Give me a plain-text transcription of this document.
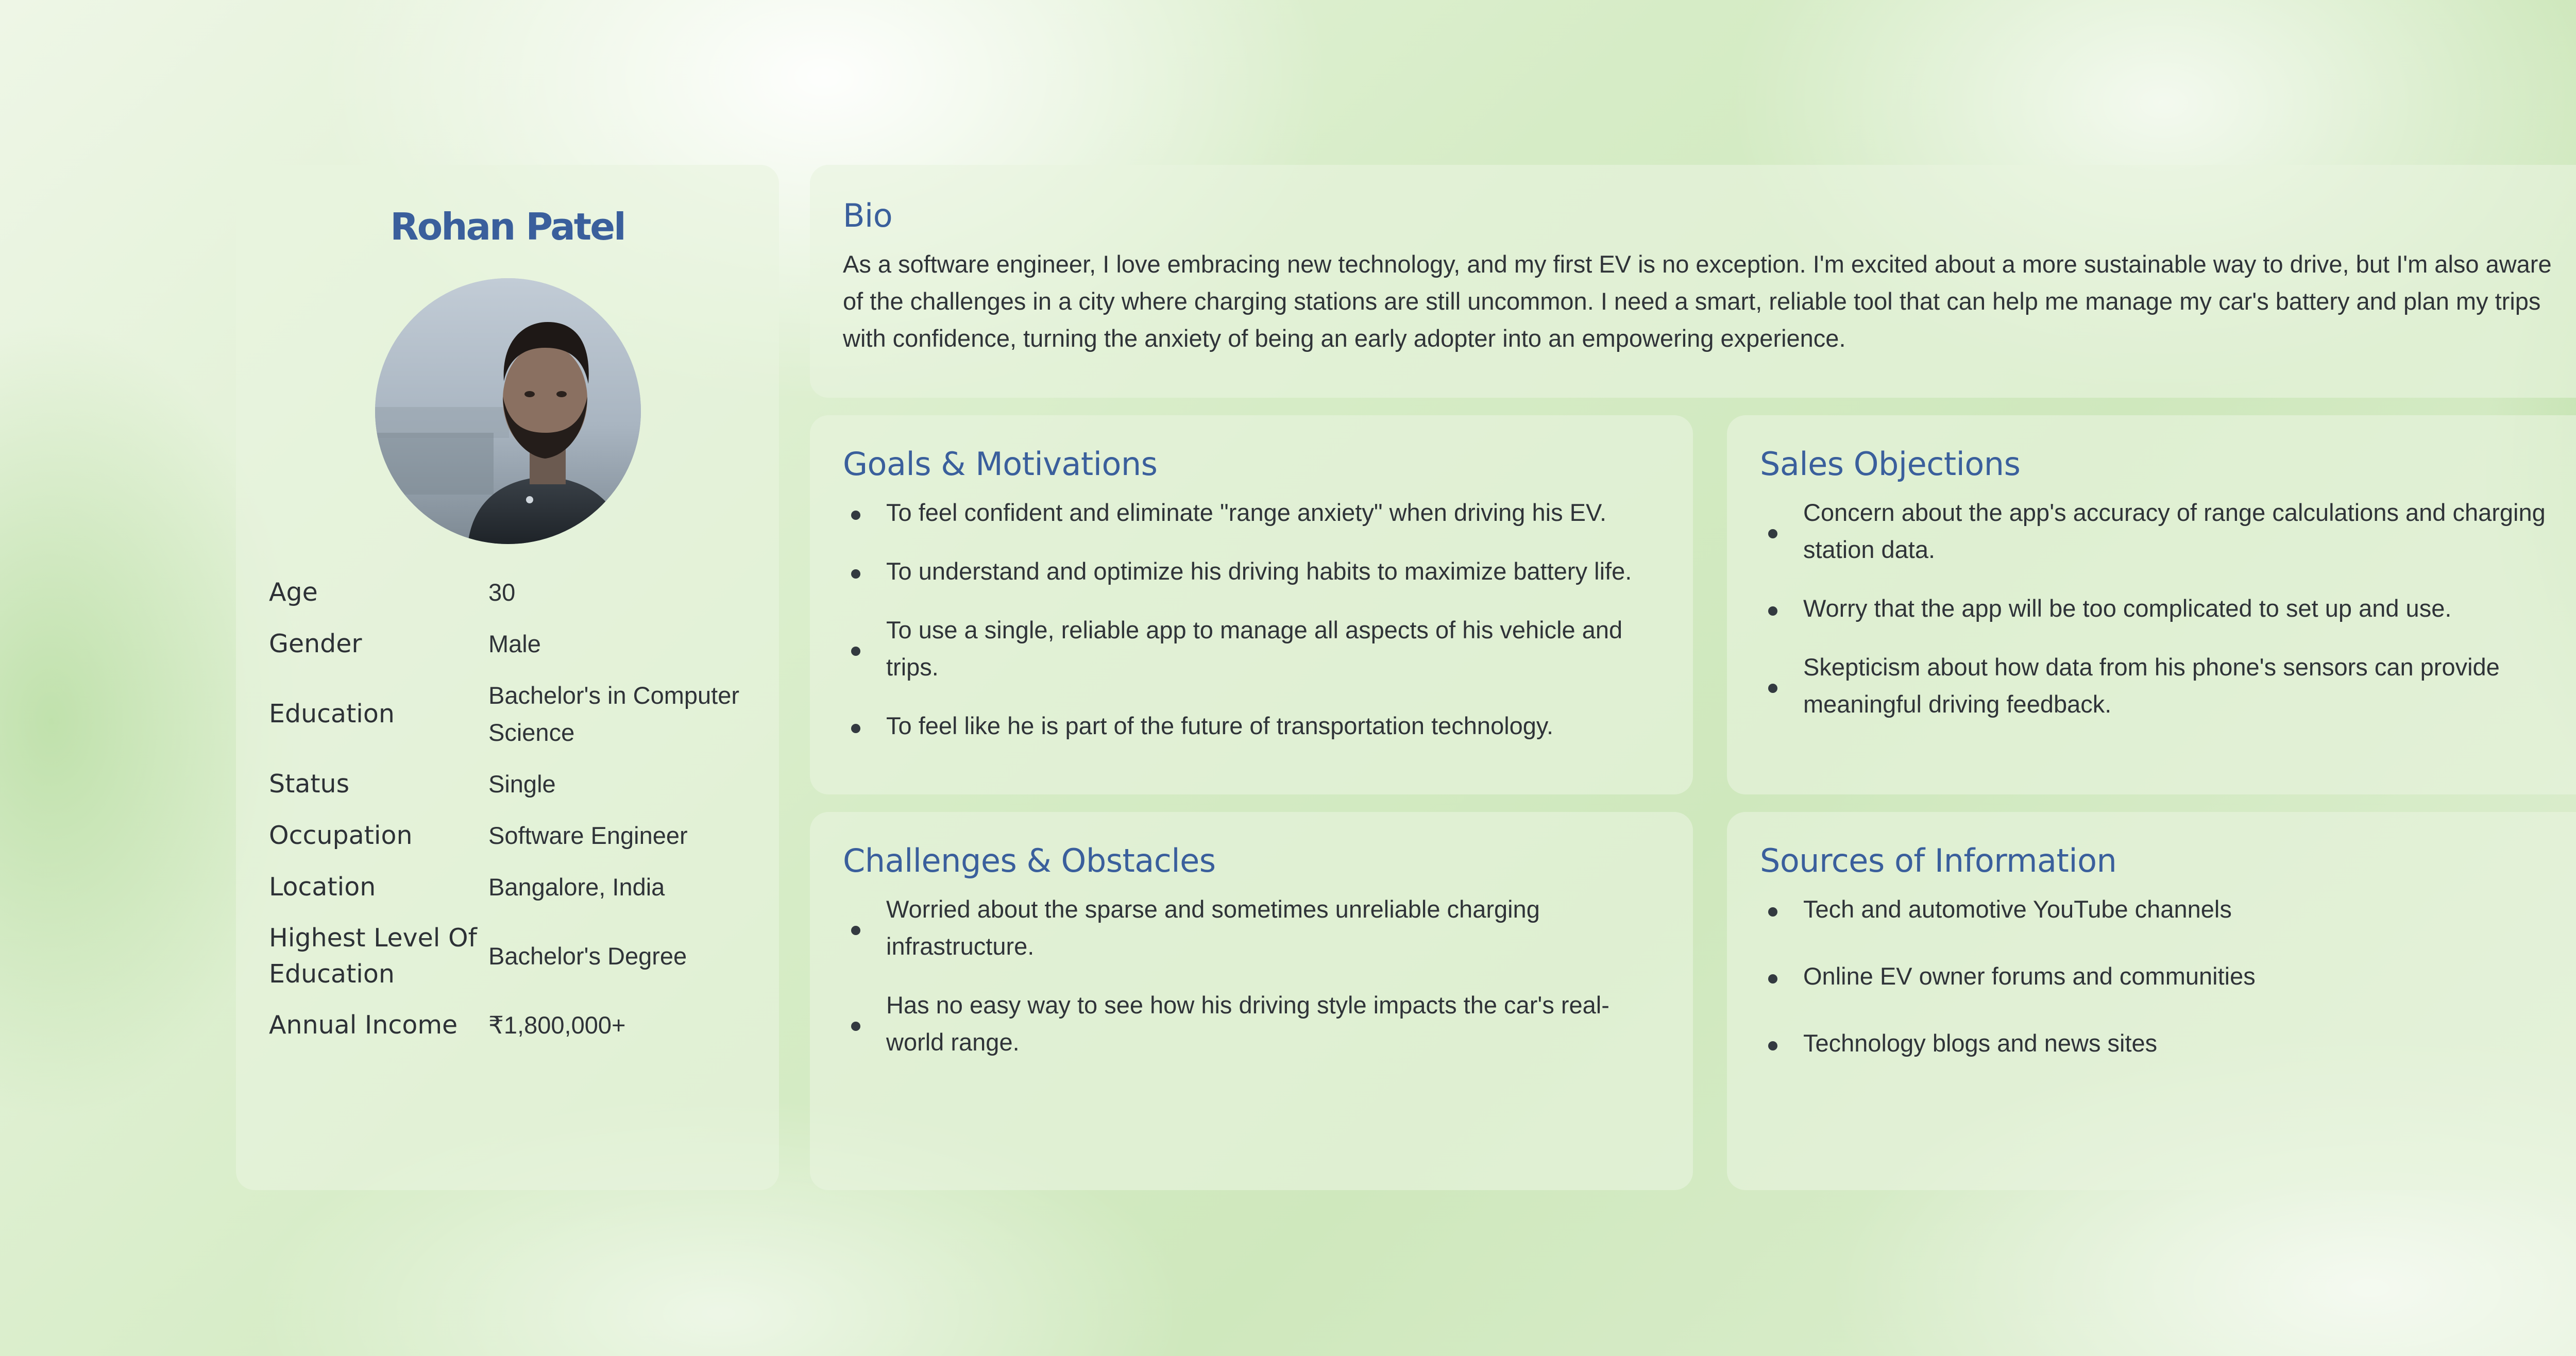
Rohan Patel
Age	30
Gender	Male
Education	Bachelor's in Computer Science
Status	Single
Occupation	Software Engineer
Location	Bangalore, India
Highest Level Of Education	Bachelor's Degree
Annual Income	₹1,800,000+
Bio

As a software engineer, I love embracing new technology, and my first EV is no exception. I'm excited about a more sustainable way to drive, but I'm also aware of the challenges in a city where charging stations are still uncommon. I need a smart, reliable tool that can help me manage my car's battery and plan my trips with confidence, turning the anxiety of being an early adopter into an empowering experience.

Goals & Motivations
To feel confident and eliminate "range anxiety" when driving his EV.
To understand and optimize his driving habits to maximize battery life.
To use a single, reliable app to manage all aspects of his vehicle and trips.
To feel like he is part of the future of transportation technology.
Sales Objections
Concern about the app's accuracy of range calculations and charging station data.
Worry that the app will be too complicated to set up and use.
Skepticism about how data from his phone's sensors can provide meaningful driving feedback.
Challenges & Obstacles
Worried about the sparse and sometimes unreliable charging infrastructure.
Has no easy way to see how his driving style impacts the car's real-world range.
Sources of Information
Tech and automotive YouTube channels
Online EV owner forums and communities
Technology blogs and news sites
